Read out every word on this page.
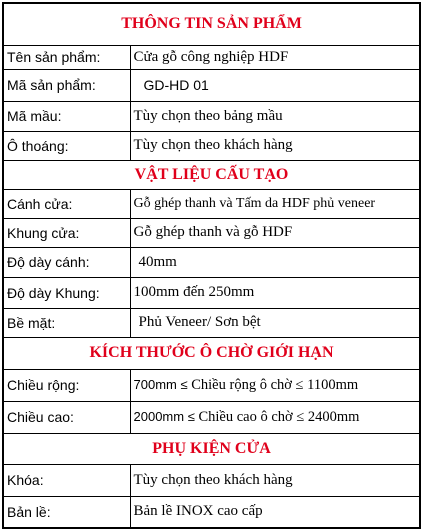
THÔNG TIN SẢN PHẨM	
Tên sản phẩm:	Cửa gỗ công nghiệp HDF
Mã sản phẩm:	GD-HD 01
Mã mầu:	Tùy chọn theo bảng mầu
Ô thoáng:	Tùy chọn theo khách hàng
VẬT LIỆU CẤU TẠO	
Cánh cửa:	Gỗ ghép thanh và Tấm da HDF phủ veneer
Khung cửa:	Gỗ ghép thanh và gỗ HDF
Độ dày cánh:	40mm
Độ dày Khung:	100mm đến 250mm
Bề mặt:	Phủ Veneer/ Sơn bệt
KÍCH THƯỚC Ô CHỜ GIỚI HẠN	
Chiều rộng:	700mm ≤ Chiều rộng ô chờ ≤ 1100mm
Chiều cao:	2000mm ≤ Chiều cao ô chờ ≤ 2400mm
PHỤ KIỆN CỬA	
Khóa:	Tùy chọn theo khách hàng
Bản lề:	Bản lề INOX cao cấp
